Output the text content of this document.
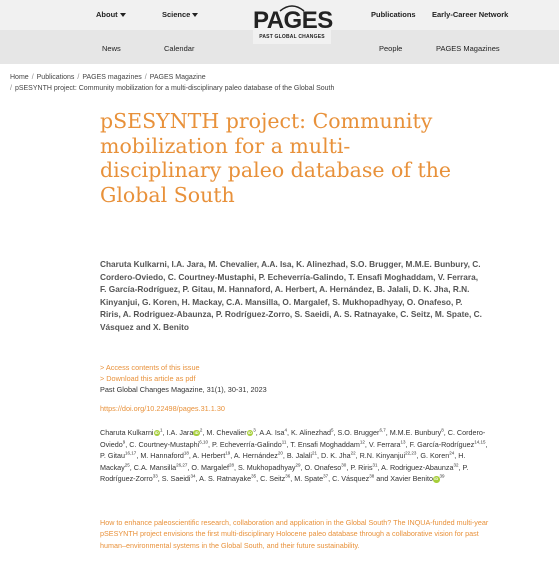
About	Science	Publications Early-Career Network
News	Calendar	People	PAGES Magazines
PAGES
PAST GLOBAL CHANGES
Home / Publications / PAGES magazines / PAGES Magazine
/ pSESYNTH project: Community mobilization for a multi-disciplinary paleo database of the Global South
pSESYNTH project: Community mobilization for a multi-disciplinary paleo database of the Global South
Charuta Kulkarni, I.A. Jara, M. Chevalier, A.A. Isa, K. Alinezhad, S.O. Brugger, M.M.E. Bunbury, C. Cordero-Oviedo, C. Courtney-Mustaphi, P. Echeverría-Galindo, T. Ensafi Moghaddam, V. Ferrara, F. García-Rodríguez, P. Gitau, M. Hannaford, A. Herbert, A. Hernández, B. Jalali, D. K. Jha, R.N. Kinyanjui, G. Koren, H. Mackay, C.A. Mansilla, O. Margalef, S. Mukhopadhyay, O. Onafeso, P. Riris, A. Rodriguez-Abaunza, P. Rodríguez-Zorro, S. Saeidi, A. S. Ratnayake, C. Seitz, M. Spate, C. Vásquez and X. Benito
> Access contents of this issue
> Download this article as pdf
Past Global Changes Magazine, 31(1), 30-31, 2023
https://doi.org/10.22498/pages.31.1.30
Charuta KulkarniiD$^1$, I.A. JaraiD$^2$, M. ChevalieriD$^3$, A.A. Isa$^4$, K. Alinezhad$^5$, S.O. Brugger$^{6,7}$, M.M.E. Bunbury$^8$, C. Cordero-Oviedo$^9$, C. Courtney-Mustaphi$^{6,10}$, P. Echeverría-Galindo$^{11}$, T. Ensafi Moghaddam$^{12}$, V. Ferrara$^{13}$, F. García-Rodríguez$^{14,15}$, P. Gitau$^{16,17}$, M. Hannaford$^{18}$, A. Herbert$^{19}$, A. Hernández$^{20}$, B. Jalali$^{21}$, D. K. Jha$^{22}$, R.N. Kinyanjui$^{22,23}$, G. Koren$^{24}$, H. Mackay$^{25}$, C.A. Mansilla$^{26,27}$, O. Margalef$^{28}$, S. Mukhopadhyay$^{29}$, O. Onafeso$^{30}$, P. Riris$^{31}$, A. Rodriguez-Abaunza$^{32}$, P. Rodríguez-Zorro$^{33}$, S. Saeidi$^{34}$, A. S. Ratnayake$^{35}$, C. Seitz$^{36}$, M. Spate$^{37}$, C. Vásquez$^{38}$ and Xavier BenitoiD$^{39}$
How to enhance paleoscientific research, collaboration and application in the Global South? The INQUA-funded multi-year pSESYNTH project envisions the first multi-disciplinary Holocene paleo database through a collaborative vision for past human–environmental systems in the Global South, and their future sustainability.
